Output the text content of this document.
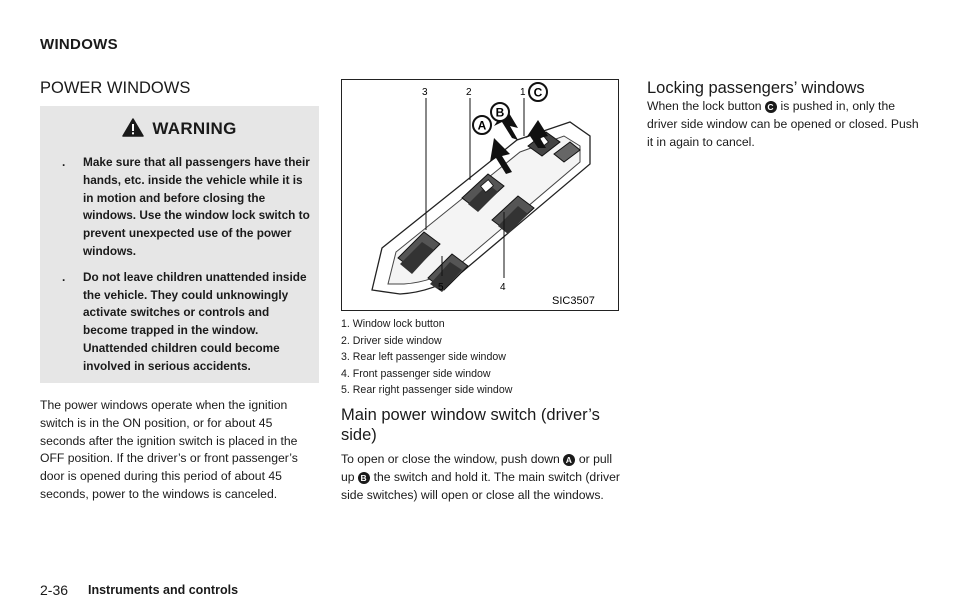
WINDOWS
POWER WINDOWS
WARNING
. Make sure that all passengers have their hands, etc. inside the vehicle while it is in motion and before closing the windows. Use the window lock switch to prevent unexpected use of the power windows.
. Do not leave children unattended inside the vehicle. They could unknowingly activate switches or controls and become trapped in the window. Unattended children could become involved in serious accidents.
The power windows operate when the ignition switch is in the ON position, or for about 45 seconds after the ignition switch is placed in the OFF position. If the driver’s or front passenger’s door is opened during this period of about 45 seconds, power to the windows is canceled.
3	2	1
5	4
A
B
C
SIC3507
1. Window lock button
2. Driver side window
3. Rear left passenger side window
4. Front passenger side window
5. Rear right passenger side window
Main power window switch (driver’s side)
To open or close the window, push down A or pull up B the switch and hold it. The main switch (driver side switches) will open or close all the windows.
Locking passengers’ windows
When the lock button C is pushed in, only the driver side window can be opened or closed. Push it in again to cancel.
2-36 Instruments and controls
